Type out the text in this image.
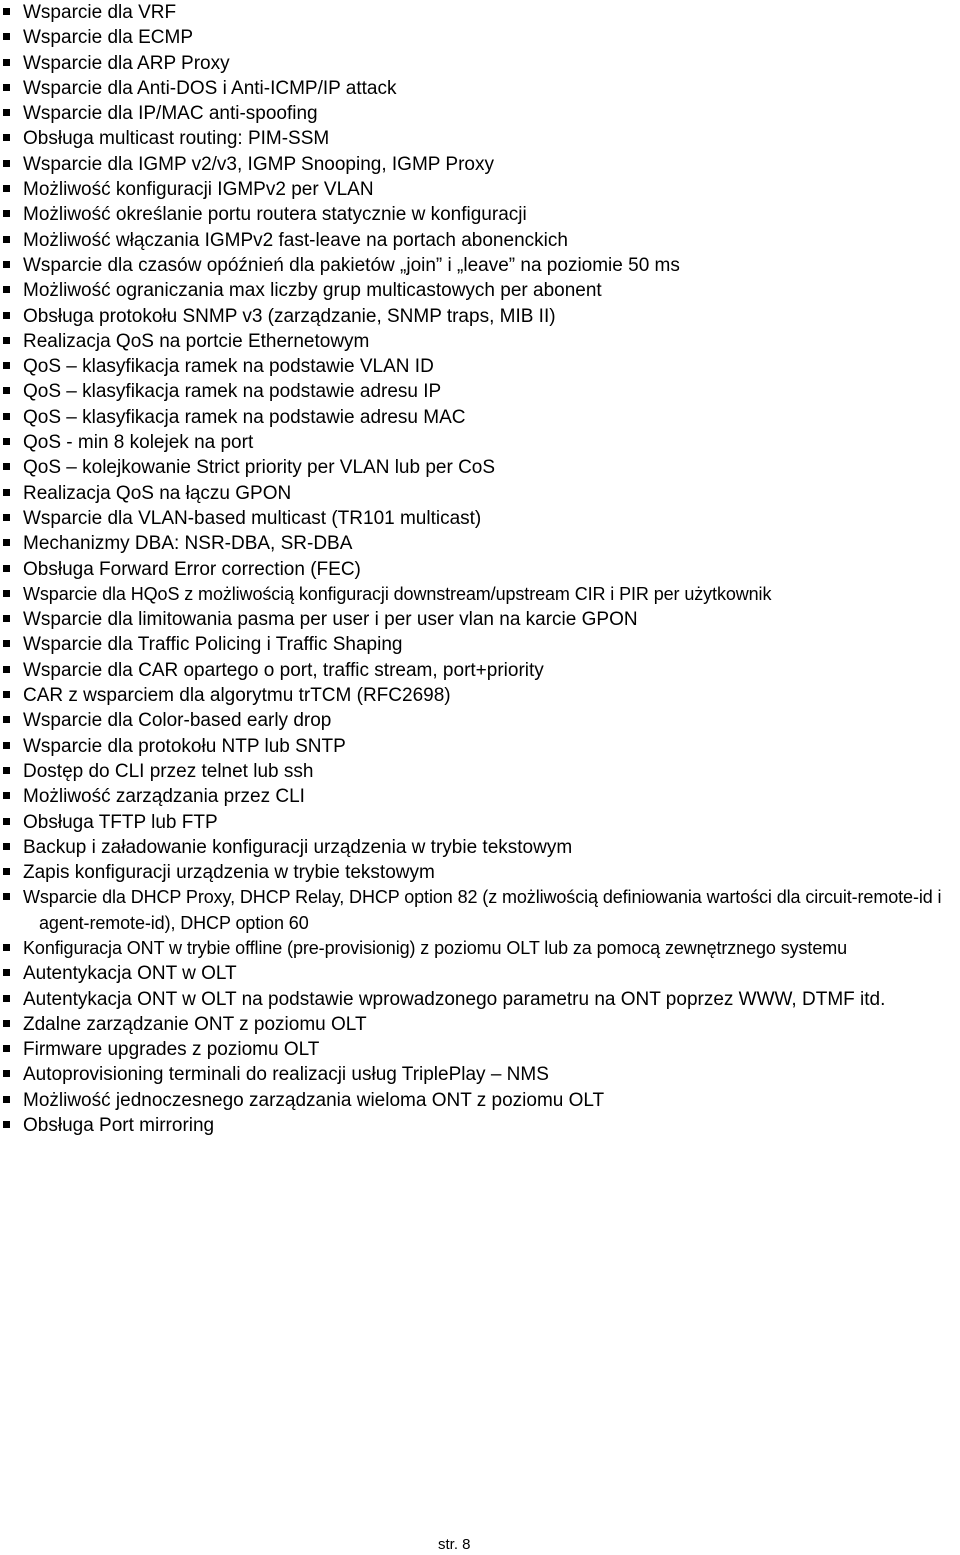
Wsparcie dla VRF
Wsparcie dla ECMP
Wsparcie dla ARP Proxy
Wsparcie dla Anti-DOS i Anti-ICMP/IP attack
Wsparcie dla IP/MAC anti-spoofing
Obsługa multicast routing: PIM-SSM
Wsparcie dla IGMP v2/v3, IGMP Snooping, IGMP Proxy
Możliwość konfiguracji IGMPv2 per VLAN
Możliwość określanie portu routera statycznie w konfiguracji
Możliwość włączania IGMPv2 fast-leave na portach abonenckich
Wsparcie dla czasów opóźnień dla pakietów „join” i „leave” na poziomie 50 ms
Możliwość ograniczania max liczby grup multicastowych per abonent
Obsługa protokołu SNMP v3 (zarządzanie, SNMP traps, MIB II)
Realizacja QoS na portcie Ethernetowym
QoS – klasyfikacja ramek na podstawie VLAN ID
QoS – klasyfikacja ramek na podstawie adresu IP
QoS – klasyfikacja ramek na podstawie adresu MAC
QoS - min 8 kolejek na port
QoS – kolejkowanie Strict priority per VLAN lub per CoS
Realizacja QoS na łączu GPON
Wsparcie dla VLAN-based multicast (TR101 multicast)
Mechanizmy DBA: NSR-DBA, SR-DBA
Obsługa Forward Error correction (FEC)
Wsparcie dla HQoS z możliwością konfiguracji downstream/upstream CIR i PIR per użytkownik
Wsparcie dla limitowania pasma per user i per user vlan na karcie GPON
Wsparcie dla Traffic Policing i Traffic Shaping
Wsparcie dla CAR opartego o port, traffic stream, port+priority
CAR z wsparciem dla algorytmu trTCM (RFC2698)
Wsparcie dla Color-based early drop
Wsparcie dla protokołu NTP lub SNTP
Dostęp do CLI przez telnet lub ssh
Możliwość zarządzania przez CLI
Obsługa TFTP lub FTP
Backup i załadowanie konfiguracji urządzenia w trybie tekstowym
Zapis konfiguracji urządzenia w trybie tekstowym
Wsparcie dla DHCP Proxy, DHCP Relay, DHCP option 82 (z możliwością definiowania wartości dla circuit-remote-id i agent-remote-id), DHCP option 60
Konfiguracja ONT w trybie offline (pre-provisionig) z poziomu OLT lub za pomocą zewnętrznego systemu
Autentykacja ONT w OLT
Autentykacja ONT w OLT na podstawie wprowadzonego parametru na ONT poprzez WWW, DTMF itd.
Zdalne zarządzanie ONT z poziomu OLT
Firmware upgrades z poziomu OLT
Autoprovisioning terminali do realizacji usług TriplePlay – NMS
Możliwość jednoczesnego zarządzania wieloma ONT z poziomu OLT
Obsługa Port mirroring
str. 8
